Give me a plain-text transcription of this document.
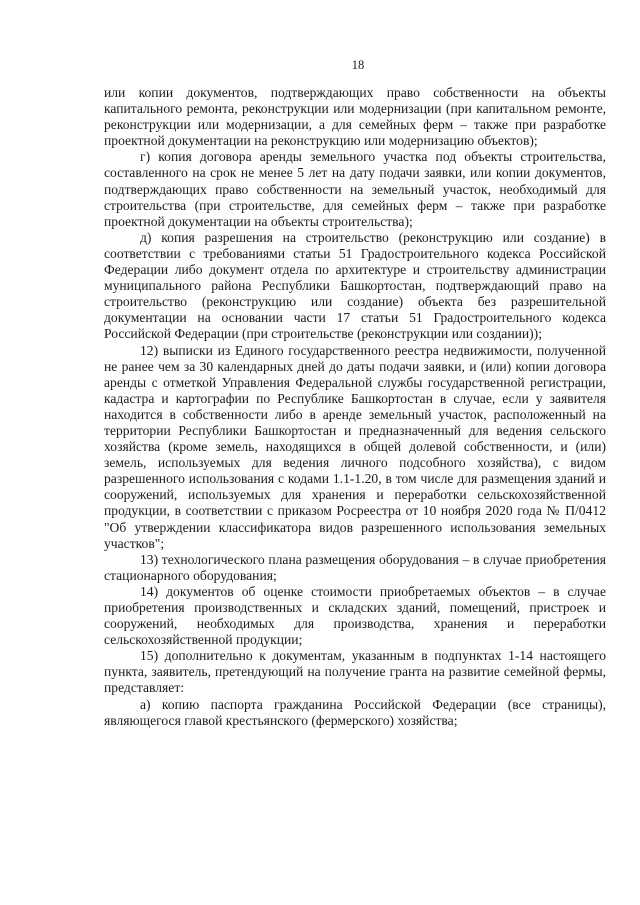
18

или копии документов, подтверждающих право собственности на объекты капитального ремонта, реконструкции или модернизации (при капитальном ремонте, реконструкции или модернизации, а для семейных ферм – также при разработке проектной документации на реконструкцию или модернизацию объектов);

г) копия договора аренды земельного участка под объекты строительства, составленного на срок не менее 5 лет на дату подачи заявки, или копии документов, подтверждающих право собственности на земельный участок, необходимый для строительства (при строительстве, для семейных ферм – также при разработке проектной документации на объекты строительства);

д) копия разрешения на строительство (реконструкцию или создание) в соответствии с требованиями статьи 51 Градостроительного кодекса Российской Федерации либо документ отдела по архитектуре и строительству администрации муниципального района Республики Башкортостан, подтверждающий право на строительство (реконструкцию или создание) объекта без разрешительной документации на основании части 17 статьи 51 Градостроительного кодекса Российской Федерации (при строительстве (реконструкции или создании));

12) выписки из Единого государственного реестра недвижимости, полученной не ранее чем за 30 календарных дней до даты подачи заявки, и (или) копии договора аренды с отметкой Управления Федеральной службы государственной регистрации, кадастра и картографии по Республике Башкортостан в случае, если у заявителя находится в собственности либо в аренде земельный участок, расположенный на территории Республики Башкортостан и предназначенный для ведения сельского хозяйства (кроме земель, находящихся в общей долевой собственности, и (или) земель, используемых для ведения личного подсобного хозяйства), с видом разрешенного использования с кодами 1.1-1.20, в том числе для размещения зданий и сооружений, используемых для хранения и переработки сельскохозяйственной продукции, в соответствии с приказом Росреестра от 10 ноября 2020 года № П/0412 "Об утверждении классификатора видов разрешенного использования земельных участков";

13) технологического плана размещения оборудования – в случае приобретения стационарного оборудования;

14) документов об оценке стоимости приобретаемых объектов – в случае приобретения производственных и складских зданий, помещений, пристроек и сооружений, необходимых для производства, хранения и переработки сельскохозяйственной продукции;

15) дополнительно к документам, указанным в подпунктах 1-14 настоящего пункта, заявитель, претендующий на получение гранта на развитие семейной фермы, представляет:

а) копию паспорта гражданина Российской Федерации (все страницы), являющегося главой крестьянского (фермерского) хозяйства;
